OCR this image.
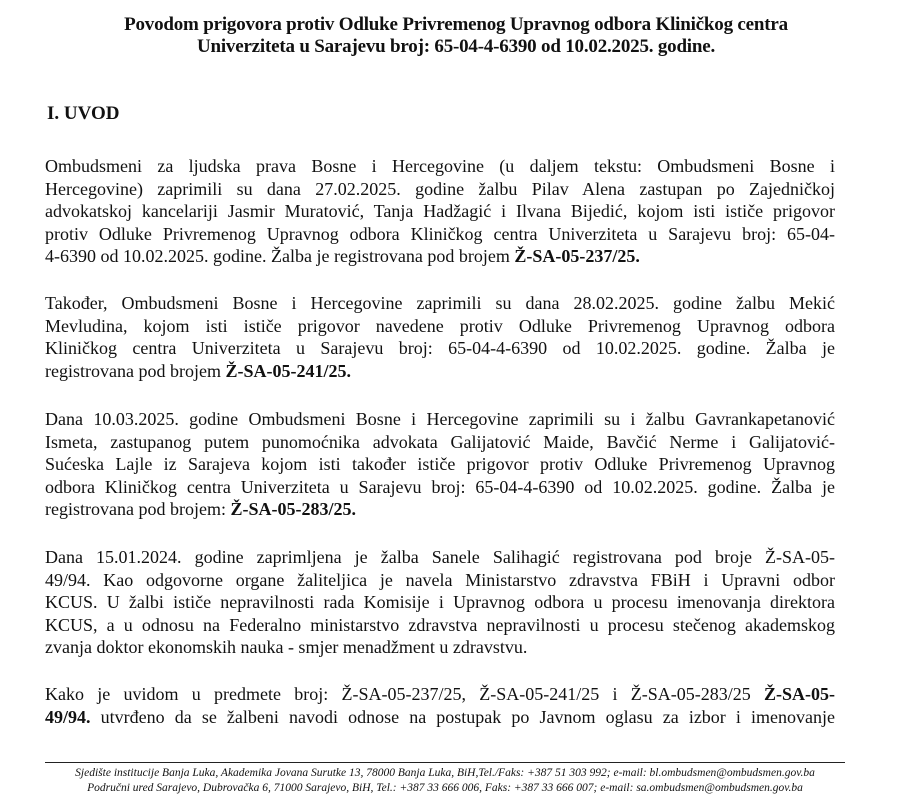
Povodom prigovora protiv Odluke Privremenog Upravnog odbora Kliničkog centra
Univerziteta u Sarajevu broj: 65-04-4-6390 od 10.02.2025. godine.
I. UVOD
Ombudsmeni za ljudska prava Bosne i Hercegovine (u daljem tekstu: Ombudsmeni Bosne i
Hercegovine) zaprimili su dana 27.02.2025. godine žalbu Pilav Alena zastupan po Zajedničkoj
advokatskoj kancelariji Jasmir Muratović, Tanja Hadžagić i Ilvana Bijedić, kojom isti ističe prigovor
protiv Odluke Privremenog Upravnog odbora Kliničkog centra Univerziteta u Sarajevu broj: 65-04-
4-6390 od 10.02.2025. godine. Žalba je registrovana pod brojem Ž-SA-05-237/25.
Također, Ombudsmeni Bosne i Hercegovine zaprimili su dana 28.02.2025. godine žalbu Mekić
Mevludina, kojom isti ističe prigovor navedene protiv Odluke Privremenog Upravnog odbora
Kliničkog centra Univerziteta u Sarajevu broj: 65-04-4-6390 od 10.02.2025. godine. Žalba je
registrovana pod brojem Ž-SA-05-241/25.
Dana 10.03.2025. godine Ombudsmeni Bosne i Hercegovine zaprimili su i žalbu Gavrankapetanović
Ismeta, zastupanog putem punomoćnika advokata Galijatović Maide, Bavčić Nerme i Galijatović-
Sućeska Lajle iz Sarajeva kojom isti također ističe prigovor protiv Odluke Privremenog Upravnog
odbora Kliničkog centra Univerziteta u Sarajevu broj: 65-04-4-6390 od 10.02.2025. godine. Žalba je
registrovana pod brojem: Ž-SA-05-283/25.
Dana 15.01.2024. godine zaprimljena je žalba Sanele Salihagić registrovana pod broje Ž-SA-05-
49/94. Kao odgovorne organe žaliteljica je navela Ministarstvo zdravstva FBiH i Upravni odbor
KCUS. U žalbi ističe nepravilnosti rada Komisije i Upravnog odbora u procesu imenovanja direktora
KCUS, a u odnosu na Federalno ministarstvo zdravstva nepravilnosti u procesu stečenog akademskog
zvanja doktor ekonomskih nauka - smjer menadžment u zdravstvu.
Kako je uvidom u predmete broj: Ž-SA-05-237/25, Ž-SA-05-241/25 i Ž-SA-05-283/25 Ž-SA-05-
49/94. utvrđeno da se žalbeni navodi odnose na postupak po Javnom oglasu za izbor i imenovanje
Sjedište institucije Banja Luka, Akademika Jovana Surutke 13, 78000 Banja Luka, BiH,Tel./Faks: +387 51 303 992; e-mail: bl.ombudsmen@ombudsmen.gov.ba
Područni ured Sarajevo, Dubrovačka 6, 71000 Sarajevo, BiH, Tel.: +387 33 666 006, Faks: +387 33 666 007; e-mail: sa.ombudsmen@ombudsmen.gov.ba
